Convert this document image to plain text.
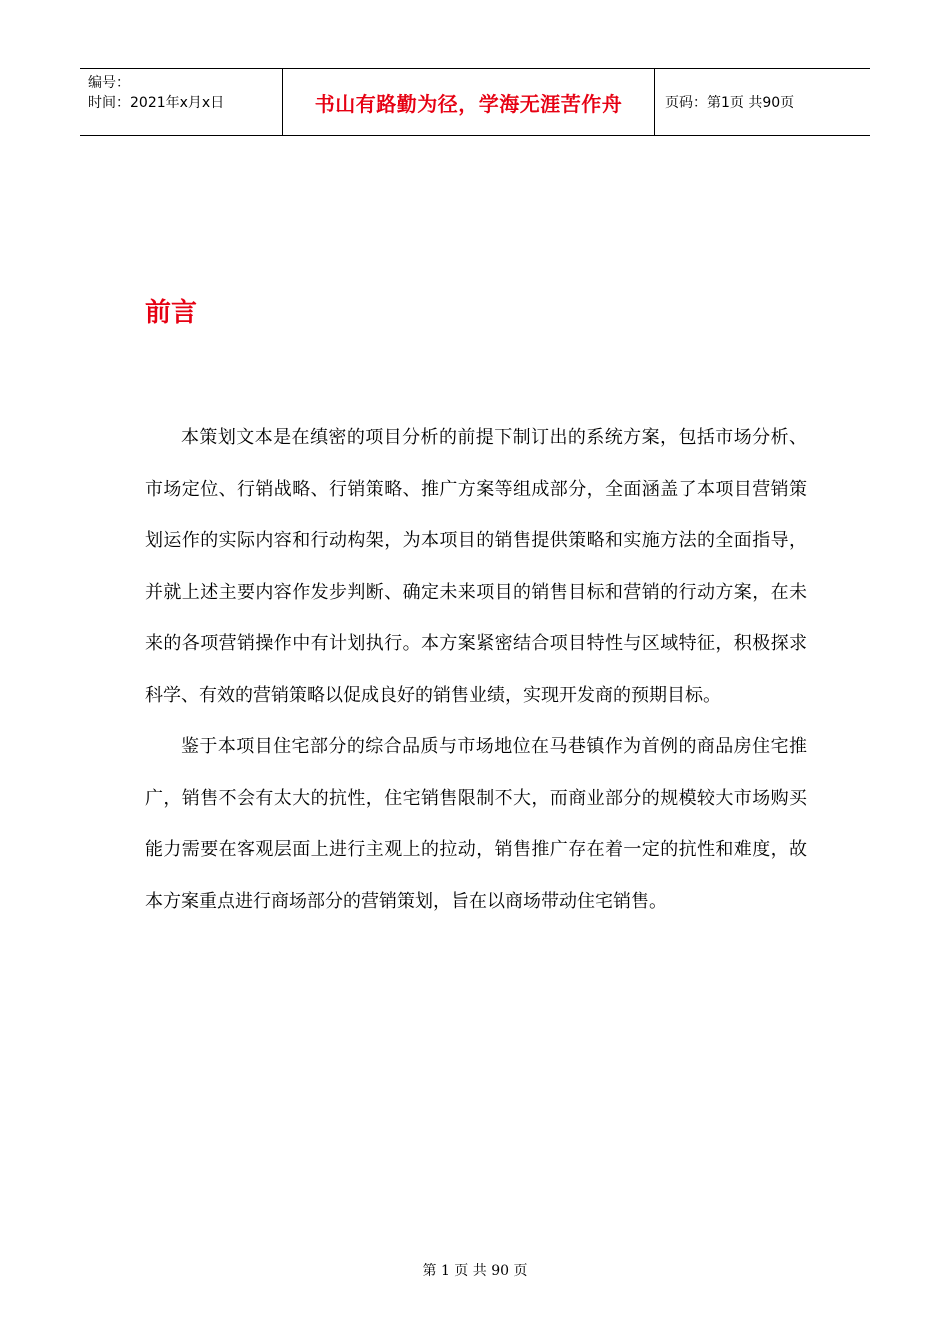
编号：
时间：2021年x月x日	书山有路勤为径，学海无涯苦作舟	页码：第1页 共90页
前言

本策划文本是在缜密的项目分析的前提下制订出的系统方案，包括市场分析、市场定位、行销战略、行销策略、推广方案等组成部分，全面涵盖了本项目营销策划运作的实际内容和行动构架，为本项目的销售提供策略和实施方法的全面指导，并就上述主要内容作发步判断、确定未来项目的销售目标和营销的行动方案，在未来的各项营销操作中有计划执行。本方案紧密结合项目特性与区域特征，积极探求科学、有效的营销策略以促成良好的销售业绩，实现开发商的预期目标。

鉴于本项目住宅部分的综合品质与市场地位在马巷镇作为首例的商品房住宅推广，销售不会有太大的抗性，住宅销售限制不大，而商业部分的规模较大市场购买能力需要在客观层面上进行主观上的拉动，销售推广存在着一定的抗性和难度，故本方案重点进行商场部分的营销策划，旨在以商场带动住宅销售。

第 1 页 共 90 页
